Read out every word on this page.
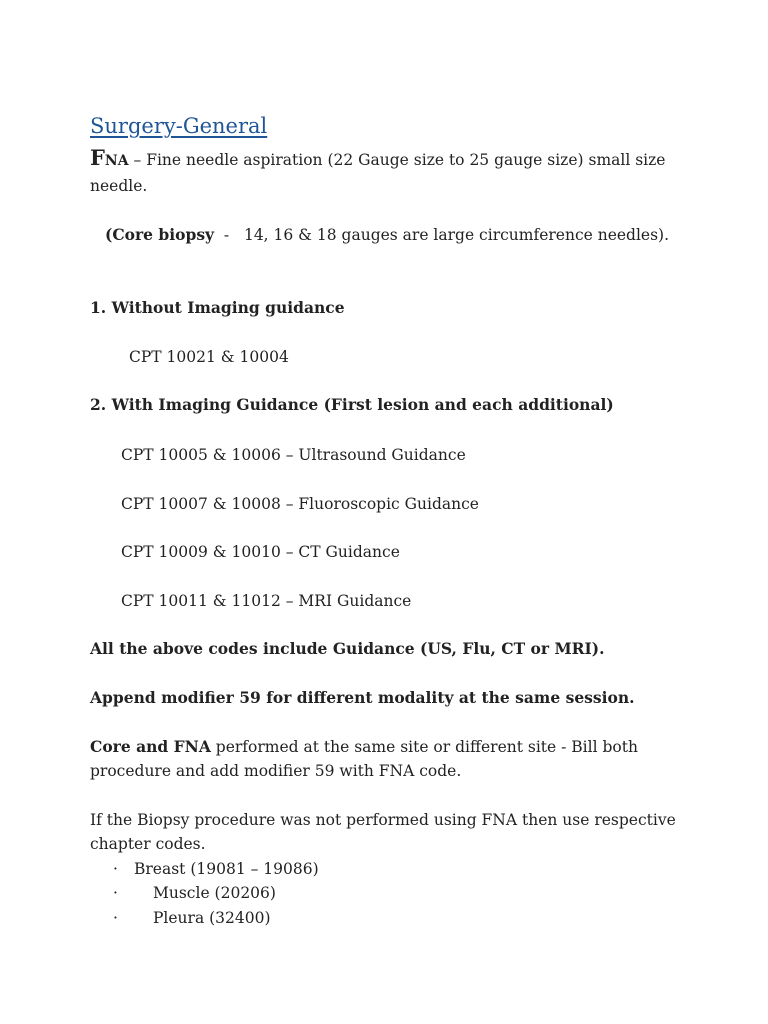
Surgery-General
FNA – Fine needle aspiration (22 Gauge size to 25 gauge size) small size
needle.
(Core biopsy  -   14, 16 & 18 gauges are large circumference needles).
1. Without Imaging guidance
CPT 10021 & 10004
2. With Imaging Guidance (First lesion and each additional)
CPT 10005 & 10006 – Ultrasound Guidance
CPT 10007 & 10008 – Fluoroscopic Guidance
CPT 10009 & 10010 – CT Guidance
CPT 10011 & 11012 – MRI Guidance
All the above codes include Guidance (US, Flu, CT or MRI).
Append modifier 59 for different modality at the same session.
Core and FNA performed at the same site or different site - Bill both
procedure and add modifier 59 with FNA code.
If the Biopsy procedure was not performed using FNA then use respective
chapter codes.
· Breast (19081 – 19086)
· Muscle (20206)
· Pleura (32400)
